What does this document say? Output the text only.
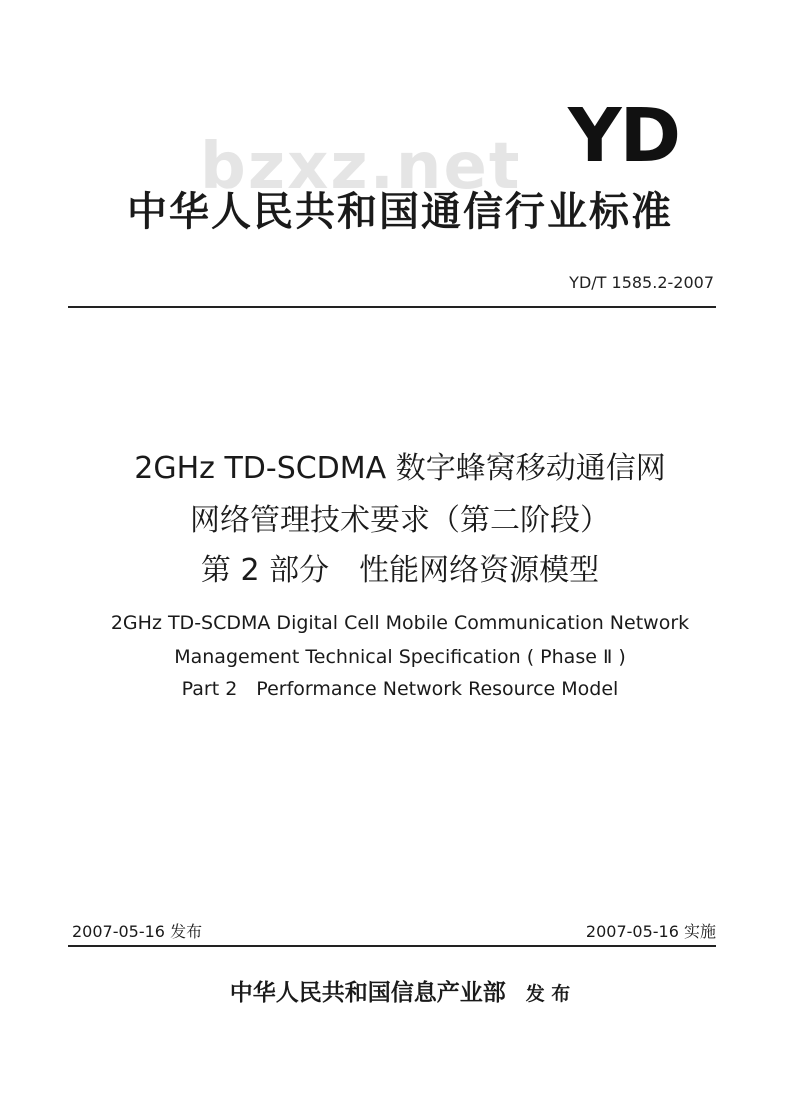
YD
bzxz.net
中华人民共和国通信行业标准
YD/T 1585.2-2007
2GHz TD-SCDMA 数字蜂窝移动通信网
网络管理技术要求（第二阶段）
第 2 部分　性能网络资源模型
2GHz TD-SCDMA Digital Cell Mobile Communication Network
Management Technical Specification ( Phase Ⅱ )
Part 2　Performance Network Resource Model
2007-05-16 发布	2007-05-16 实施
中华人民共和国信息产业部 发 布
